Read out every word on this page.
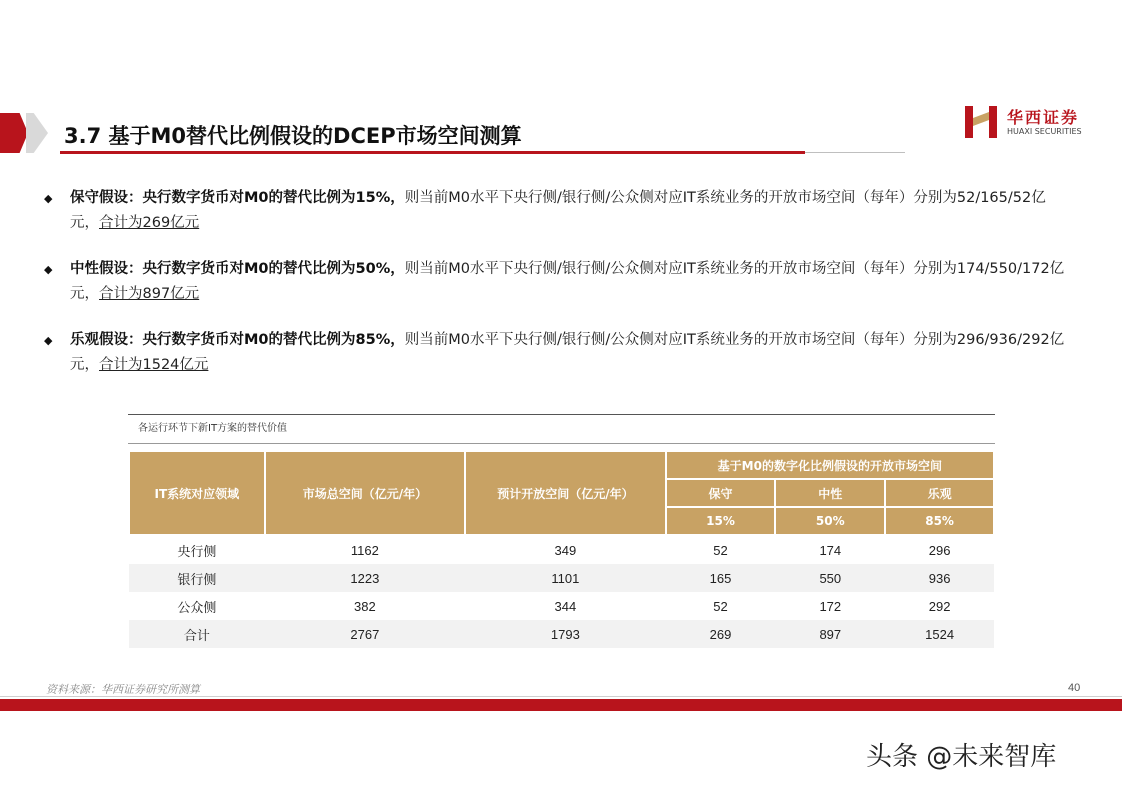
3.7 基于M0替代比例假设的DCEP市场空间测算
华西证券
HUAXI SECURITIES
◆ 保守假设：央行数字货币对M0的替代比例为15%，则当前M0水平下央行侧/银行侧/公众侧对应IT系统业务的开放市场空间（每年）分别为52/165/52亿元，合计为269亿元
◆ 中性假设：央行数字货币对M0的替代比例为50%，则当前M0水平下央行侧/银行侧/公众侧对应IT系统业务的开放市场空间（每年）分别为174/550/172亿元，合计为897亿元
◆ 乐观假设：央行数字货币对M0的替代比例为85%，则当前M0水平下央行侧/银行侧/公众侧对应IT系统业务的开放市场空间（每年）分别为296/936/292亿元，合计为1524亿元
各运行环节下新IT方案的替代价值
IT系统对应领域	市场总空间（亿元/年）	预计开放空间（亿元/年）	基于M0的数字化比例假设的开放市场空间		
			保守	中性	乐观
			15%	50%	85%
央行侧	1162	349	52	174	296
银行侧	1223	1101	165	550	936
公众侧	382	344	52	172	292
合计	2767	1793	269	897	1524
资料来源：华西证券研究所测算	40
头条 @未来智库
